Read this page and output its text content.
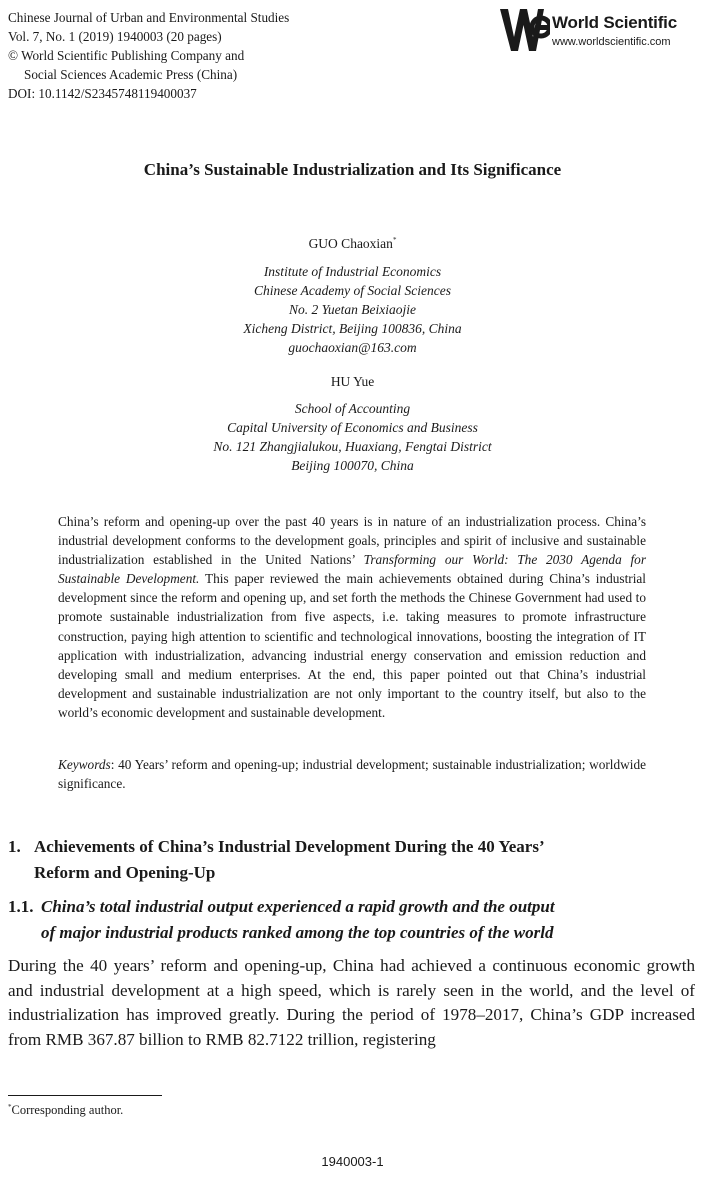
Chinese Journal of Urban and Environmental Studies
Vol. 7, No. 1 (2019) 1940003 (20 pages)
© World Scientific Publishing Company and
Social Sciences Academic Press (China)
DOI: 10.1142/S2345748119400037
World Scientific
www.worldscientific.com
China’s Sustainable Industrialization and Its Significance
GUO Chaoxian*
Institute of Industrial Economics
Chinese Academy of Social Sciences
No. 2 Yuetan Beixiaojie
Xicheng District, Beijing 100836, China
guochaoxian@163.com
HU Yue
School of Accounting
Capital University of Economics and Business
No. 121 Zhangjialukou, Huaxiang, Fengtai District
Beijing 100070, China
China’s reform and opening-up over the past 40 years is in nature of an industrialization process. China’s industrial development conforms to the development goals, principles and spirit of inclusive and sustainable industrialization established in the United Nations’ Transforming our World: The 2030 Agenda for Sustainable Development. This paper reviewed the main achievements obtained during China’s industrial development since the reform and opening up, and set forth the methods the Chinese Government had used to promote sustainable industrialization from five aspects, i.e. taking measures to promote infrastructure construction, paying high attention to scientific and technological innovations, boosting the integration of IT application with industrialization, advancing industrial energy conservation and emission reduction and developing small and medium enterprises. At the end, this paper pointed out that China’s industrial development and sustainable industrialization are not only important to the country itself, but also to the world’s economic development and sustainable development.
Keywords: 40 Years’ reform and opening-up; industrial development; sustainable industrialization; worldwide significance.
1. Achievements of China’s Industrial Development During the 40 Years’
Reform and Opening-Up
1.1. China’s total industrial output experienced a rapid growth and the output
of major industrial products ranked among the top countries of the world
During the 40 years’ reform and opening-up, China had achieved a continuous economic growth and industrial development at a high speed, which is rarely seen in the world, and the level of industrialization has improved greatly. During the period of 1978–2017, China’s GDP increased from RMB 367.87 billion to RMB 82.7122 trillion, registering
*Corresponding author.
1940003-1
